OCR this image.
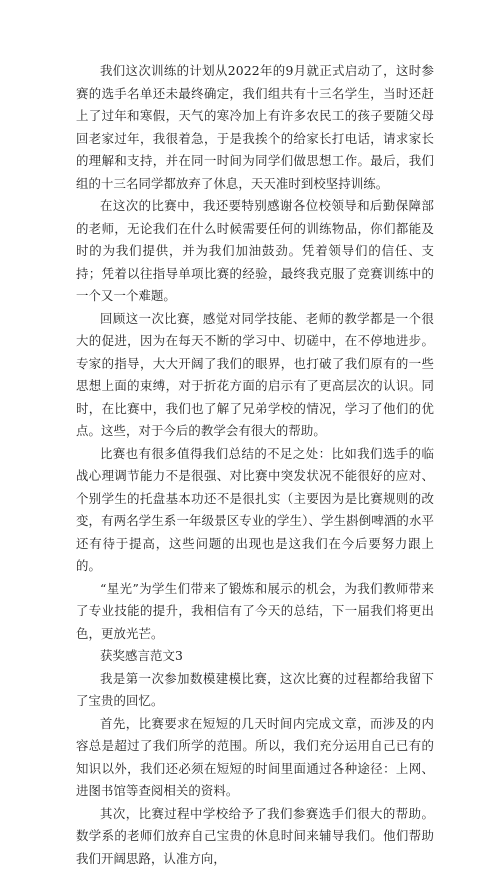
我们这次训练的计划从2022年的9月就正式启动了，这时参赛的选手名单还未最终确定，我们组共有十三名学生，当时还赶上了过年和寒假，天气的寒冷加上有许多农民工的孩子要随父母回老家过年，我很着急，于是我挨个的给家长打电话，请求家长的理解和支持，并在同一时间为同学们做思想工作。最后，我们组的十三名同学都放弃了休息，天天准时到校坚持训练。

在这次的比赛中，我还要特别感谢各位校领导和后勤保障部的老师，无论我们在什么时候需要任何的训练物品，你们都能及时的为我们提供，并为我们加油鼓劲。凭着领导们的信任、支持；凭着以往指导单项比赛的经验，最终我克服了竞赛训练中的一个又一个难题。

回顾这一次比赛，感觉对同学技能、老师的教学都是一个很大的促进，因为在每天不断的学习中、切磋中，在不停地进步。专家的指导，大大开阔了我们的眼界，也打破了我们原有的一些思想上面的束缚，对于折花方面的启示有了更高层次的认识。同时，在比赛中，我们也了解了兄弟学校的情况，学习了他们的优点。这些，对于今后的教学会有很大的帮助。

比赛也有很多值得我们总结的不足之处：比如我们选手的临战心理调节能力不是很强、对比赛中突发状况不能很好的应对、个别学生的托盘基本功还不是很扎实（主要因为是比赛规则的改变，有两名学生系一年级景区专业的学生）、学生斟倒啤酒的水平还有待于提高，这些问题的出现也是这我们在今后要努力跟上的。

“星光”为学生们带来了锻炼和展示的机会，为我们教师带来了专业技能的提升，我相信有了今天的总结，下一届我们将更出色，更放光芒。

获奖感言范文3

我是第一次参加数模建模比赛，这次比赛的过程都给我留下了宝贵的回忆。

首先，比赛要求在短短的几天时间内完成文章，而涉及的内容总是超过了我们所学的范围。所以，我们充分运用自己已有的知识以外，我们还必须在短短的时间里面通过各种途径：上网、进图书馆等查阅相关的资料。

其次，比赛过程中学校给予了我们参赛选手们很大的帮助。数学系的老师们放弃自己宝贵的休息时间来辅导我们。他们帮助我们开阔思路，认准方向，
